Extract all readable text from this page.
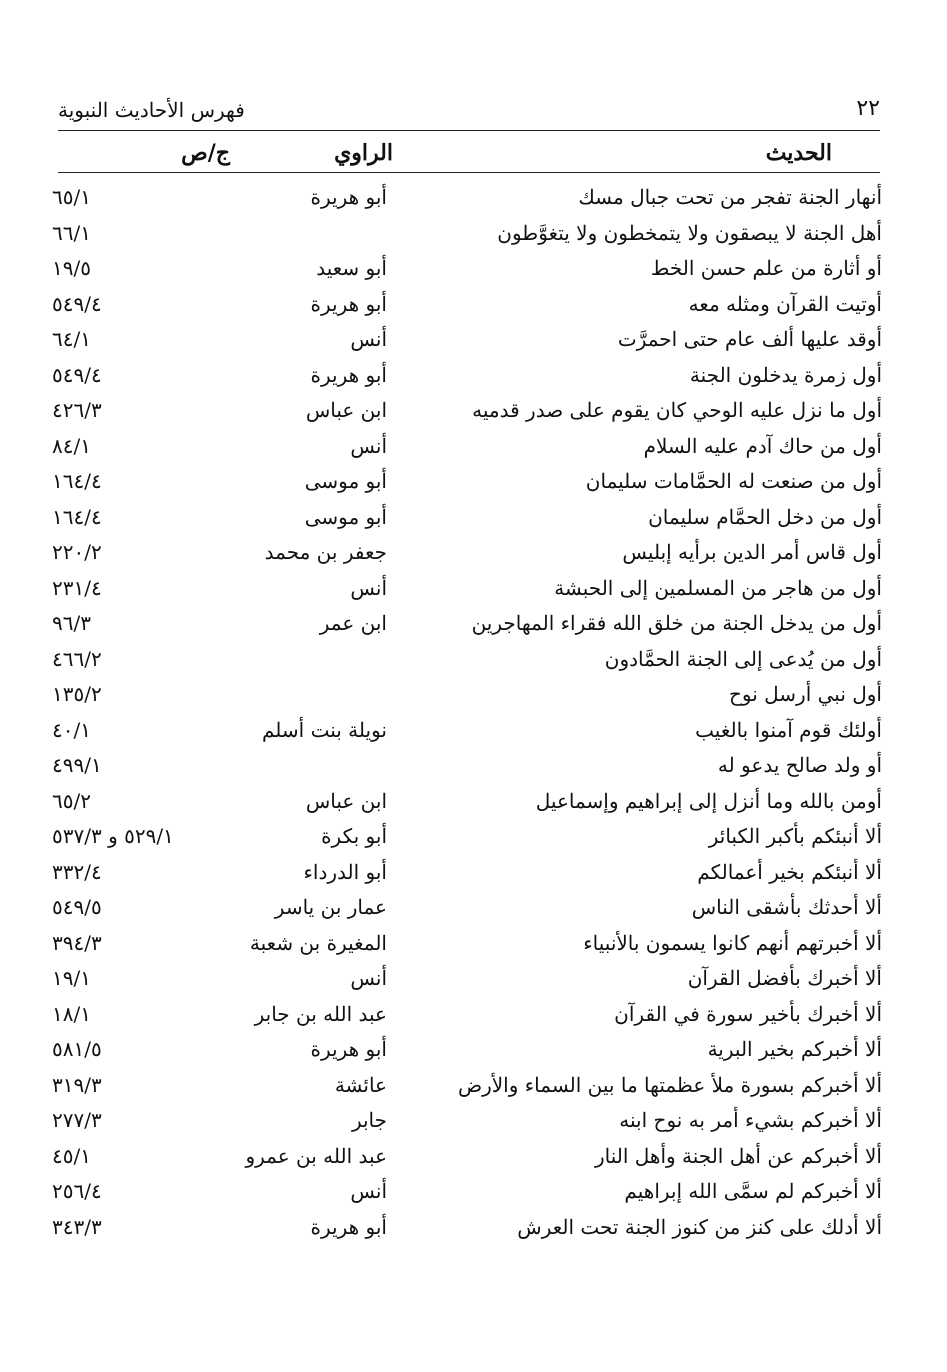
٢٢
فهرس الأحاديث النبوية
الحديث
الراوي
ج/ص
أنهار الجنة تفجر من تحت جبال مسك
أبو هريرة
٦٥/١
أهل الجنة لا يبصقون ولا يتمخطون ولا يتغوَّطون
٦٦/١
أو أثارة من علم حسن الخط
أبو سعيد
١٩/٥
أوتيت القرآن ومثله معه
أبو هريرة
٥٤٩/٤
أوقد عليها ألف عام حتى احمرَّت
أنس
٦٤/١
أول زمرة يدخلون الجنة
أبو هريرة
٥٤٩/٤
أول ما نزل عليه الوحي كان يقوم على صدر قدميه
ابن عباس
٤٢٦/٣
أول من حاك آدم عليه السلام
أنس
٨٤/١
أول من صنعت له الحمَّامات سليمان
أبو موسى
١٦٤/٤
أول من دخل الحمَّام سليمان
أبو موسى
١٦٤/٤
أول قاس أمر الدين برأيه إبليس
جعفر بن محمد
٢٢٠/٢
أول من هاجر من المسلمين إلى الحبشة
أنس
٢٣١/٤
أول من يدخل الجنة من خلق الله فقراء المهاجرين
ابن عمر
٩٦/٣
أول من يُدعى إلى الجنة الحمَّادون
٤٦٦/٢
أول نبي أرسل نوح
١٣٥/٢
أولئك قوم آمنوا بالغيب
نويلة بنت أسلم
٤٠/١
أو ولد صالح يدعو له
٤٩٩/١
أومن بالله وما أنزل إلى إبراهيم وإسماعيل
ابن عباس
٦٥/٢
ألا أنبئكم بأكبر الكبائر
أبو بكرة
٥٢٩/١ و ٥٣٧/٣
ألا أنبئكم بخير أعمالكم
أبو الدرداء
٣٣٢/٤
ألا أحدثك بأشقى الناس
عمار بن ياسر
٥٤٩/٥
ألا أخبرتهم أنهم كانوا يسمون بالأنبياء
المغيرة بن شعبة
٣٩٤/٣
ألا أخبرك بأفضل القرآن
أنس
١٩/١
ألا أخبرك بأخير سورة في القرآن
عبد الله بن جابر
١٨/١
ألا أخبركم بخير البرية
أبو هريرة
٥٨١/٥
ألا أخبركم بسورة ملأ عظمتها ما بين السماء والأرض
عائشة
٣١٩/٣
ألا أخبركم بشيء أمر به نوح ابنه
جابر
٢٧٧/٣
ألا أخبركم عن أهل الجنة وأهل النار
عبد الله بن عمرو
٤٥/١
ألا أخبركم لم سمَّى الله إبراهيم
أنس
٢٥٦/٤
ألا أدلك على كنز من كنوز الجنة تحت العرش
أبو هريرة
٣٤٣/٣
